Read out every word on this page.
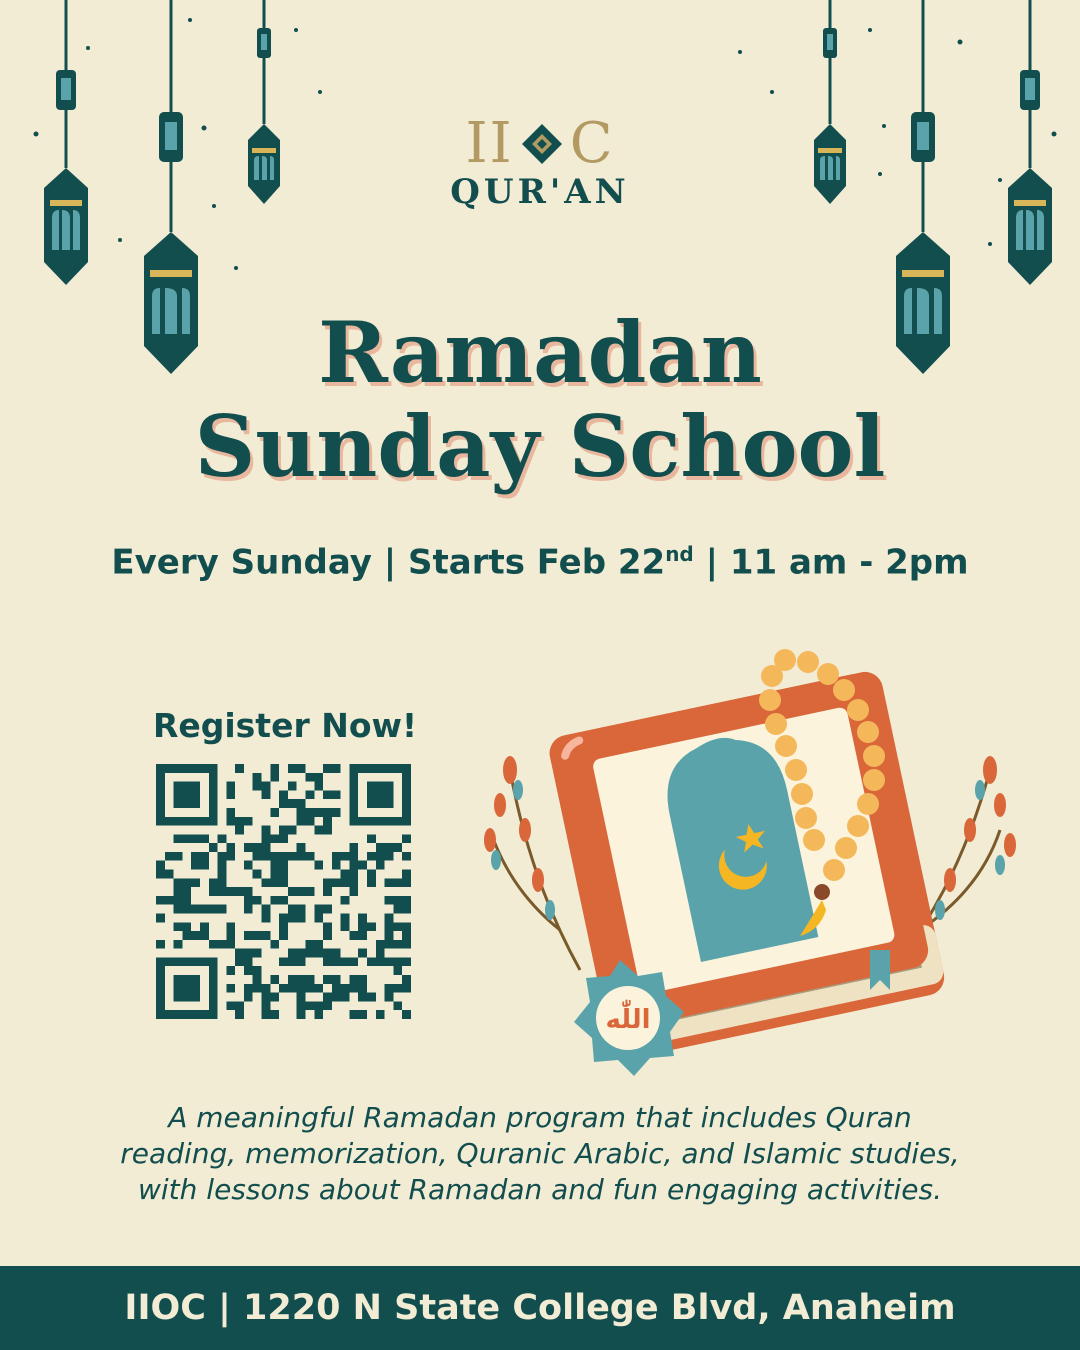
II C
QUR'AN
Ramadan
Sunday School
Every Sunday | Starts Feb 22nd | 11 am - 2pm
Register Now!
اللّٰه
A meaningful Ramadan program that includes Quran
reading, memorization, Quranic Arabic, and Islamic studies,
with lessons about Ramadan and fun engaging activities.
IIOC | 1220 N State College Blvd, Anaheim
